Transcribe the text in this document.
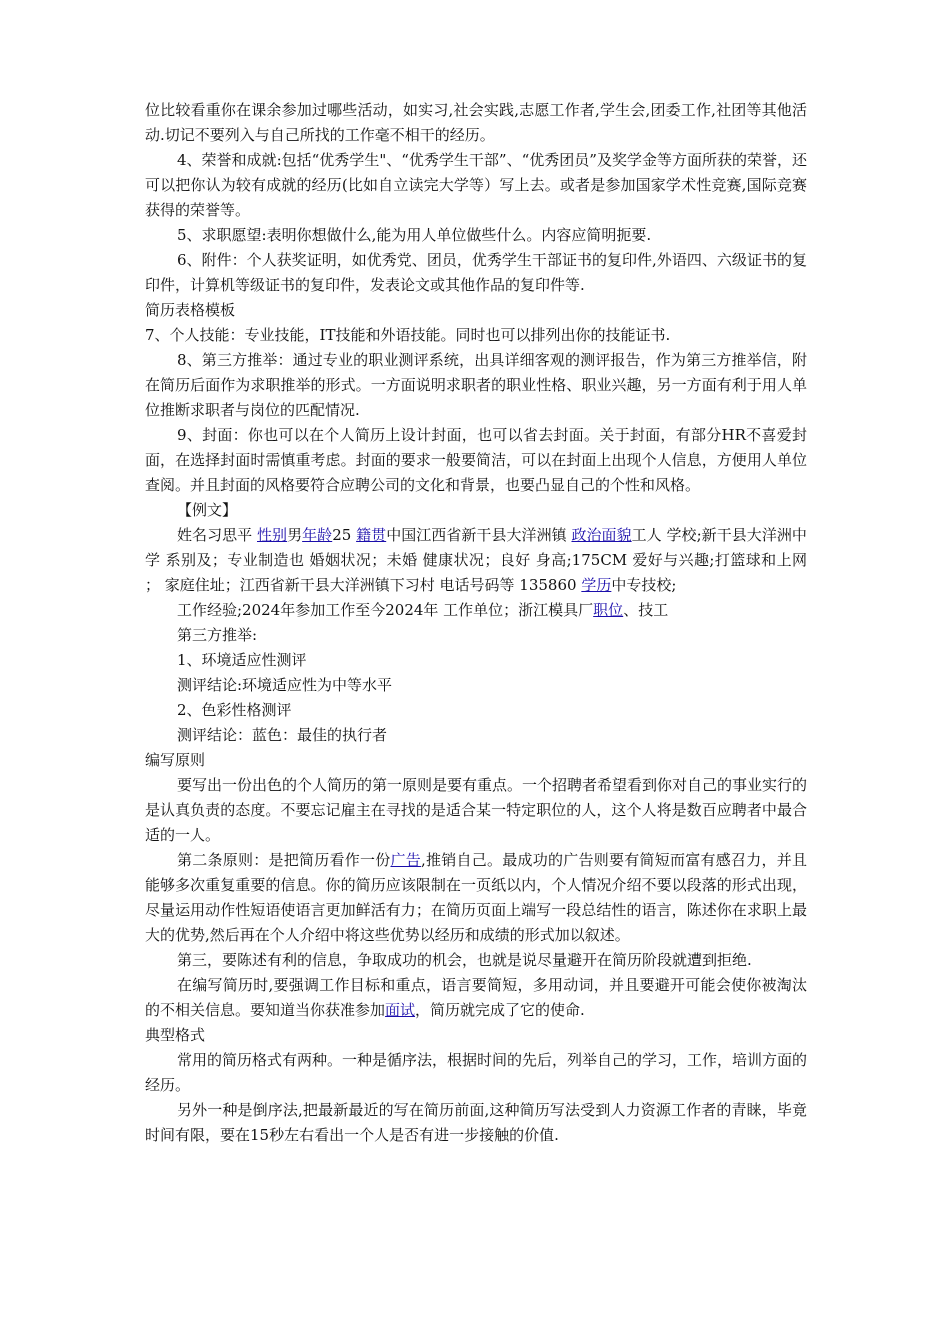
位比较看重你在课余参加过哪些活动，如实习,社会实践,志愿工作者,学生会,团委工作,社团等其他活动.切记不要列入与自己所找的工作毫不相干的经历。

4、荣誉和成就:包括“优秀学生"、“优秀学生干部”、“优秀团员”及奖学金等方面所获的荣誉，还可以把你认为较有成就的经历(比如自立读完大学等）写上去。或者是参加国家学术性竞赛,国际竞赛获得的荣誉等。

5、求职愿望:表明你想做什么,能为用人单位做些什么。内容应简明扼要.

6、附件：个人获奖证明，如优秀党、团员，优秀学生干部证书的复印件,外语四、六级证书的复印件，计算机等级证书的复印件，发表论文或其他作品的复印件等.

简历表格模板

7、个人技能：专业技能，IT技能和外语技能。同时也可以排列出你的技能证书.

8、第三方推举：通过专业的职业测评系统，出具详细客观的测评报告，作为第三方推举信，附在简历后面作为求职推举的形式。一方面说明求职者的职业性格、职业兴趣，另一方面有利于用人单位推断求职者与岗位的匹配情况.

9、封面：你也可以在个人简历上设计封面，也可以省去封面。关于封面，有部分HR不喜爱封面，在选择封面时需慎重考虑。封面的要求一般要简洁，可以在封面上出现个人信息，方便用人单位查阅。并且封面的风格要符合应聘公司的文化和背景，也要凸显自己的个性和风格。

【例文】

姓名习思平 性别男年龄25 籍贯中国江西省新干县大洋洲镇 政治面貌工人 学校;新干县大洋洲中学 系别及；专业制造也 婚姻状况；未婚 健康状况；良好 身高;175CM 爱好与兴趣;打篮球和上网 ； 家庭住址；江西省新干县大洋洲镇下习村 电话号码等 135860 学历中专技校;

工作经验;2024年参加工作至今2024年 工作单位；浙江模具厂职位、技工

第三方推举:

1、环境适应性测评

测评结论:环境适应性为中等水平

2、色彩性格测评

测评结论：蓝色：最佳的执行者

编写原则

要写出一份出色的个人简历的第一原则是要有重点。一个招聘者希望看到你对自己的事业实行的是认真负责的态度。不要忘记雇主在寻找的是适合某一特定职位的人，这个人将是数百应聘者中最合适的一人。

第二条原则：是把简历看作一份广告,推销自己。最成功的广告则要有简短而富有感召力，并且能够多次重复重要的信息。你的简历应该限制在一页纸以内，个人情况介绍不要以段落的形式出现，尽量运用动作性短语使语言更加鲜活有力；在简历页面上端写一段总结性的语言，陈述你在求职上最大的优势,然后再在个人介绍中将这些优势以经历和成绩的形式加以叙述。

第三，要陈述有利的信息，争取成功的机会，也就是说尽量避开在简历阶段就遭到拒绝.

在编写简历时,要强调工作目标和重点，语言要简短，多用动词，并且要避开可能会使你被淘汰的不相关信息。要知道当你获准参加面试，简历就完成了它的使命.

典型格式

常用的简历格式有两种。一种是循序法，根据时间的先后，列举自己的学习，工作，培训方面的经历。

另外一种是倒序法,把最新最近的写在简历前面,这种简历写法受到人力资源工作者的青睐，毕竟时间有限，要在15秒左右看出一个人是否有进一步接触的价值.
